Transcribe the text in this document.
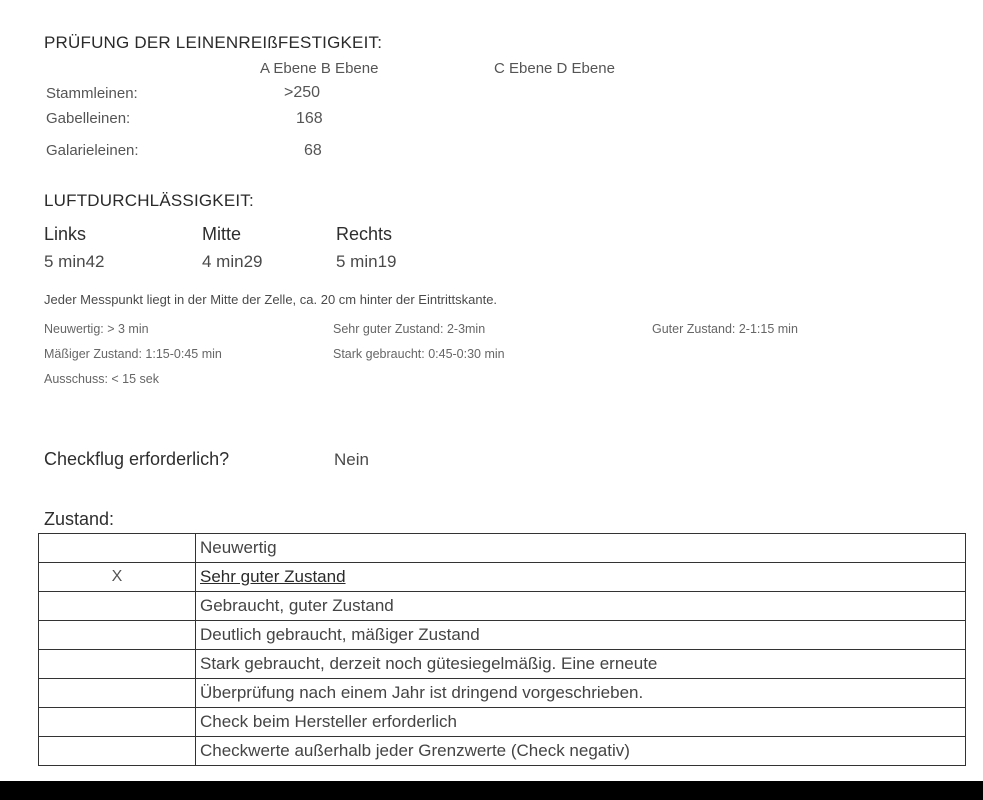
PRÜFUNG DER LEINENREIßFESTIGKEIT:
A Ebene B Ebene	C Ebene D Ebene
Stammleinen:	>250
Gabelleinen:	168
Galarieleinen:	68
LUFTDURCHLÄSSIGKEIT:
Links	Mitte	Rechts
5 min42	4 min29	5 min19
Jeder Messpunkt liegt in der Mitte der Zelle, ca. 20 cm hinter der Eintrittskante.
Neuwertig: > 3 min	Sehr guter Zustand: 2-3min	Guter Zustand: 2-1:15 min
Mäßiger Zustand: 1:15-0:45 min	Stark gebraucht: 0:45-0:30 min
Ausschuss: < 15 sek
Checkflug erforderlich?	Nein
Zustand:
	Neuwertig
X	Sehr guter Zustand
	Gebraucht, guter Zustand
	Deutlich gebraucht, mäßiger Zustand
	Stark gebraucht, derzeit noch gütesiegelmäßig. Eine erneute
	Überprüfung nach einem Jahr ist dringend vorgeschrieben.
	Check beim Hersteller erforderlich
	Checkwerte außerhalb jeder Grenzwerte (Check negativ)
